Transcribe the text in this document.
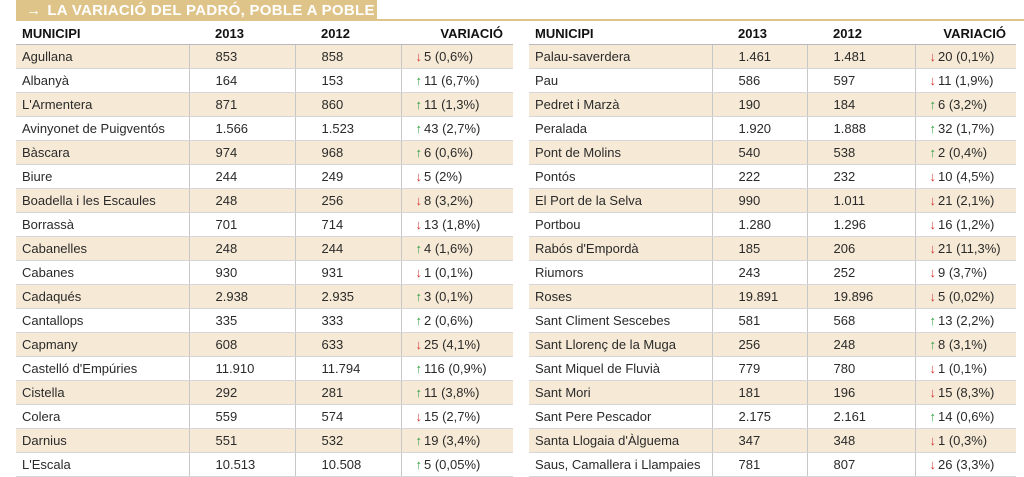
→ LA VARIACIÓ DEL PADRÓ, POBLE A POBLE
MUNICIPI	2013	2012	VARIACIÓ
Agullana	853	858	↓ 5 (0,6%)
Albanyà	164	153	↑ 11 (6,7%)
L'Armentera	871	860	↑ 11 (1,3%)
Avinyonet de Puigventós	1.566	1.523	↑ 43 (2,7%)
Bàscara	974	968	↑ 6 (0,6%)
Biure	244	249	↓ 5 (2%)
Boadella i les Escaules	248	256	↓ 8 (3,2%)
Borrassà	701	714	↓ 13 (1,8%)
Cabanelles	248	244	↑ 4 (1,6%)
Cabanes	930	931	↓ 1 (0,1%)
Cadaqués	2.938	2.935	↑ 3 (0,1%)
Cantallops	335	333	↑ 2 (0,6%)
Capmany	608	633	↓ 25 (4,1%)
Castelló d'Empúries	11.910	11.794	↑ 116 (0,9%)
Cistella	292	281	↑ 11 (3,8%)
Colera	559	574	↓ 15 (2,7%)
Darnius	551	532	↑ 19 (3,4%)
L'Escala	10.513	10.508	↑ 5 (0,05%)
MUNICIPI	2013	2012	VARIACIÓ
Palau-saverdera	1.461	1.481	↓ 20 (0,1%)
Pau	586	597	↓ 11 (1,9%)
Pedret i Marzà	190	184	↑ 6 (3,2%)
Peralada	1.920	1.888	↑ 32 (1,7%)
Pont de Molins	540	538	↑ 2 (0,4%)
Pontós	222	232	↓ 10 (4,5%)
El Port de la Selva	990	1.011	↓ 21 (2,1%)
Portbou	1.280	1.296	↓ 16 (1,2%)
Rabós d'Empordà	185	206	↓ 21 (11,3%)
Riumors	243	252	↓ 9 (3,7%)
Roses	19.891	19.896	↓ 5 (0,02%)
Sant Climent Sescebes	581	568	↑ 13 (2,2%)
Sant Llorenç de la Muga	256	248	↑ 8 (3,1%)
Sant Miquel de Fluvià	779	780	↓ 1 (0,1%)
Sant Mori	181	196	↓ 15 (8,3%)
Sant Pere Pescador	2.175	2.161	↑ 14 (0,6%)
Santa Llogaia d'Àlguema	347	348	↓ 1 (0,3%)
Saus, Camallera i Llampaies	781	807	↓ 26 (3,3%)
